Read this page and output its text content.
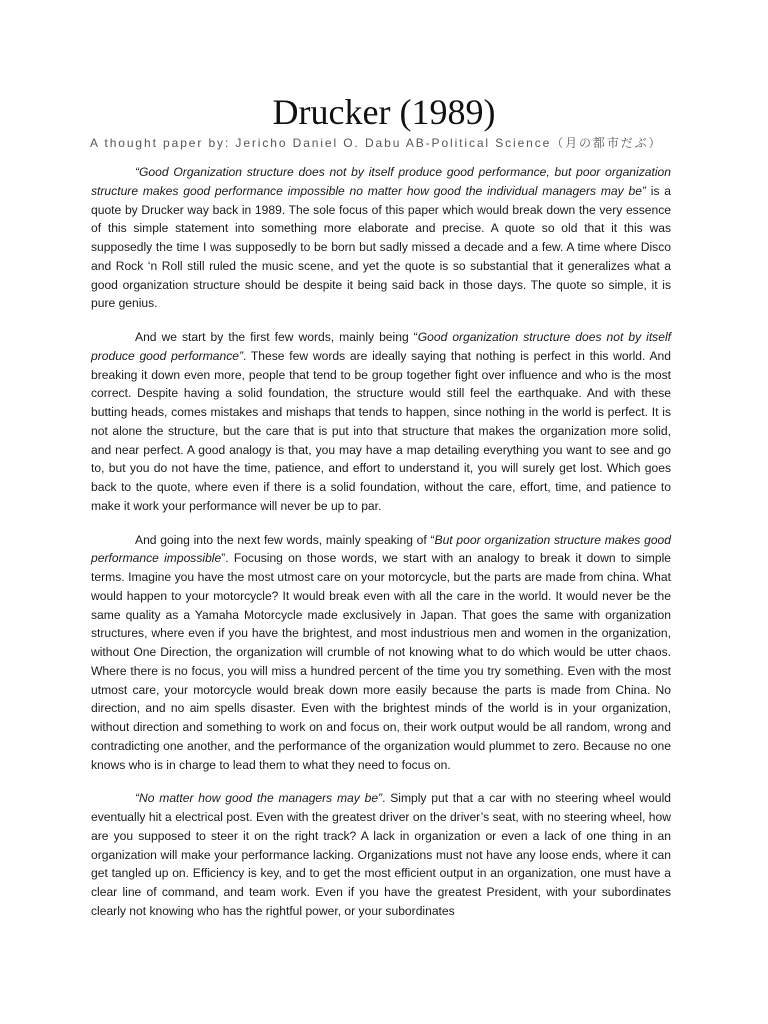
Drucker (1989)
A thought paper by: Jericho Daniel O. Dabu AB-Political Science（月の都市だぶ）

“Good Organization structure does not by itself produce good performance, but poor organization structure makes good performance impossible no matter how good the individual managers may be” is a quote by Drucker way back in 1989. The sole focus of this paper which would break down the very essence of this simple statement into something more elaborate and precise. A quote so old that it this was supposedly the time I was supposedly to be born but sadly missed a decade and a few. A time where Disco and Rock ‘n Roll still ruled the music scene, and yet the quote is so substantial that it generalizes what a good organization structure should be despite it being said back in those days. The quote so simple, it is pure genius.

And we start by the first few words, mainly being “Good organization structure does not by itself produce good performance”. These few words are ideally saying that nothing is perfect in this world. And breaking it down even more, people that tend to be group together fight over influence and who is the most correct. Despite having a solid foundation, the structure would still feel the earthquake. And with these butting heads, comes mistakes and mishaps that tends to happen, since nothing in the world is perfect. It is not alone the structure, but the care that is put into that structure that makes the organization more solid, and near perfect. A good analogy is that, you may have a map detailing everything you want to see and go to, but you do not have the time, patience, and effort to understand it, you will surely get lost. Which goes back to the quote, where even if there is a solid foundation, without the care, effort, time, and patience to make it work your performance will never be up to par.

And going into the next few words, mainly speaking of “But poor organization structure makes good performance impossible”. Focusing on those words, we start with an analogy to break it down to simple terms. Imagine you have the most utmost care on your motorcycle, but the parts are made from china. What would happen to your motorcycle? It would break even with all the care in the world. It would never be the same quality as a Yamaha Motorcycle made exclusively in Japan. That goes the same with organization structures, where even if you have the brightest, and most industrious men and women in the organization, without One Direction, the organization will crumble of not knowing what to do which would be utter chaos. Where there is no focus, you will miss a hundred percent of the time you try something. Even with the most utmost care, your motorcycle would break down more easily because the parts is made from China. No direction, and no aim spells disaster. Even with the brightest minds of the world is in your organization, without direction and something to work on and focus on, their work output would be all random, wrong and contradicting one another, and the performance of the organization would plummet to zero. Because no one knows who is in charge to lead them to what they need to focus on.

“No matter how good the managers may be”. Simply put that a car with no steering wheel would eventually hit a electrical post. Even with the greatest driver on the driver’s seat, with no steering wheel, how are you supposed to steer it on the right track? A lack in organization or even a lack of one thing in an organization will make your performance lacking. Organizations must not have any loose ends, where it can get tangled up on. Efficiency is key, and to get the most efficient output in an organization, one must have a clear line of command, and team work. Even if you have the greatest President, with your subordinates clearly not knowing who has the rightful power, or your subordinates
